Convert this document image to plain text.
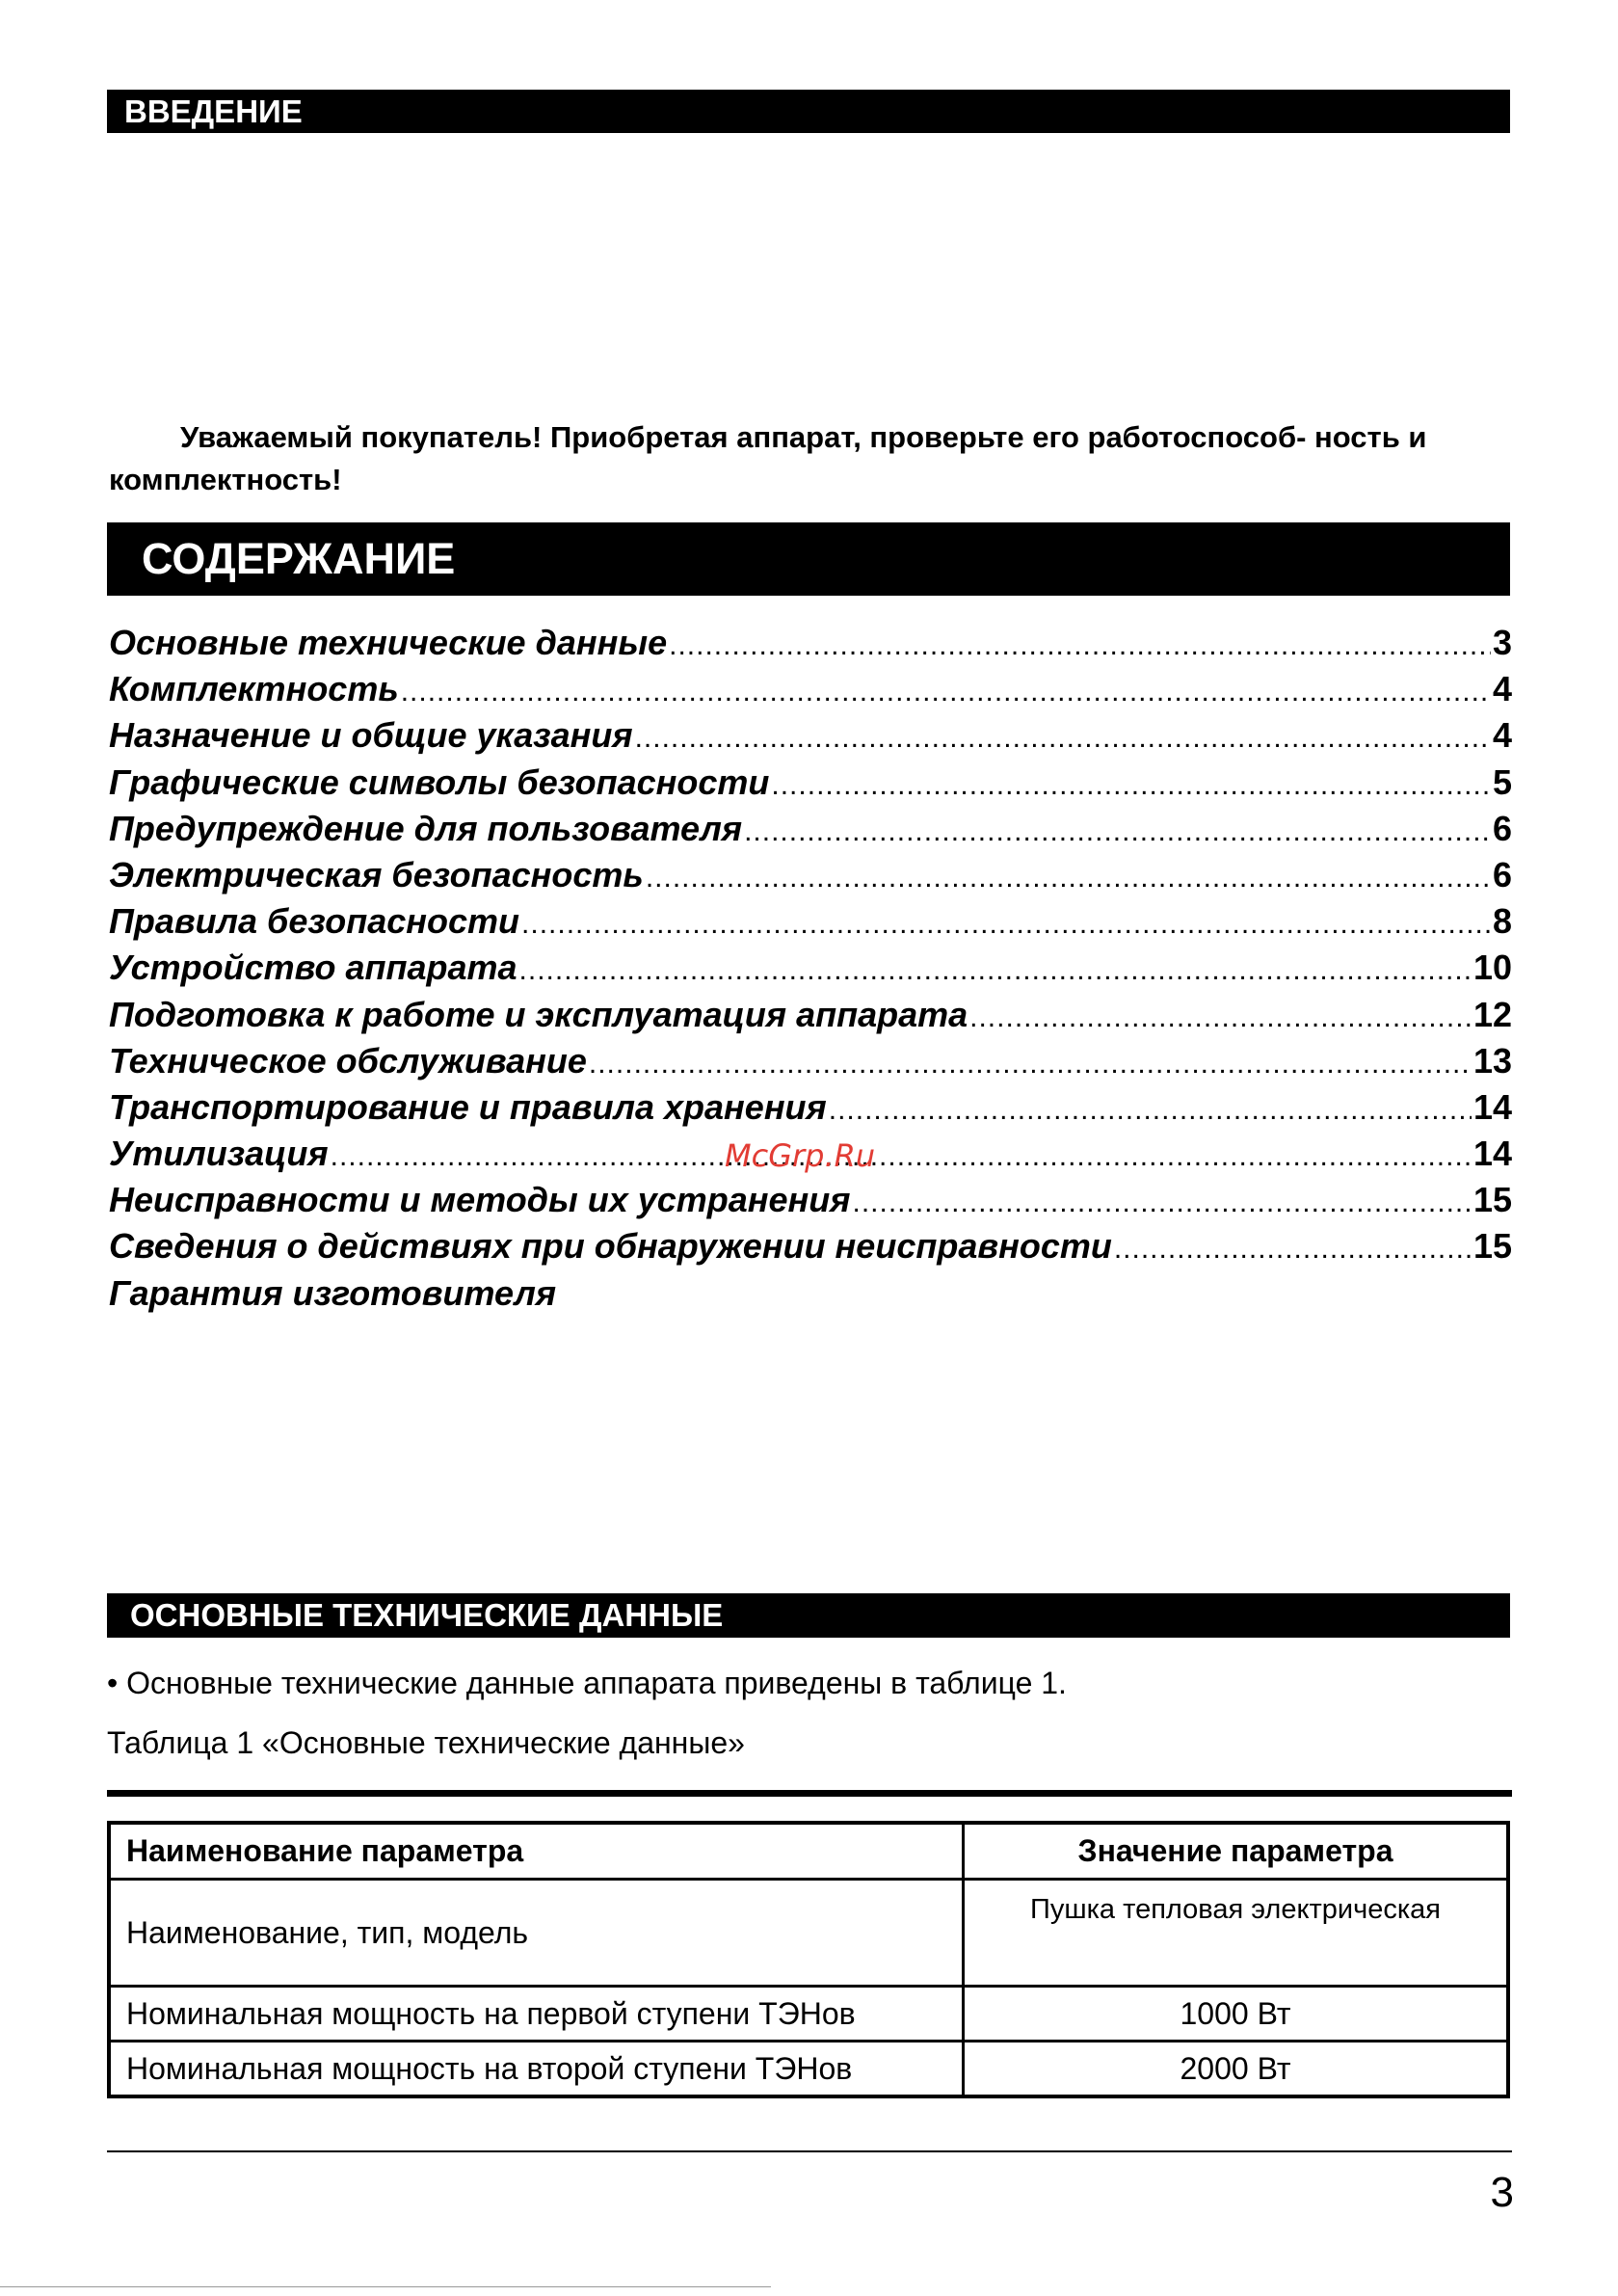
ВВЕДЕНИЕ
Уважаемый покупатель! Приобретая аппарат, проверьте его работоспособ- ность и комплектность!
СОДЕРЖАНИЕ
Основные технические данные .....	3
Комплектность .....	4
Назначение и общие указания .....	4
Графические символы безопасности .....	5
Предупреждение для пользователя .....	6
Электрическая безопасность .....	6
Правила безопасности .....	8
Устройство аппарата .....	10
Подготовка к работе и эксплуатация аппарата .....	12
Техническое обслуживание .....	13
Транспортирование и правила хранения .....	14
Утилизация .....	14
Неисправности и методы их устранения .....	15
Сведения о действиях при обнаружении неисправности .....	15
Гарантия изготовителя
McGrp.Ru
ОСНОВНЫЕ ТЕХНИЧЕСКИЕ ДАННЫЕ
• Основные технические данные аппарата приведены в таблице 1.
Таблица 1 «Основные технические данные»
Наименование параметра	Значение параметра
Наименование, тип, модель	Пушка тепловая электрическая
Номинальная мощность на первой ступени ТЭНов	1000 Вт
Номинальная мощность на второй ступени ТЭНов	2000 Вт
3
